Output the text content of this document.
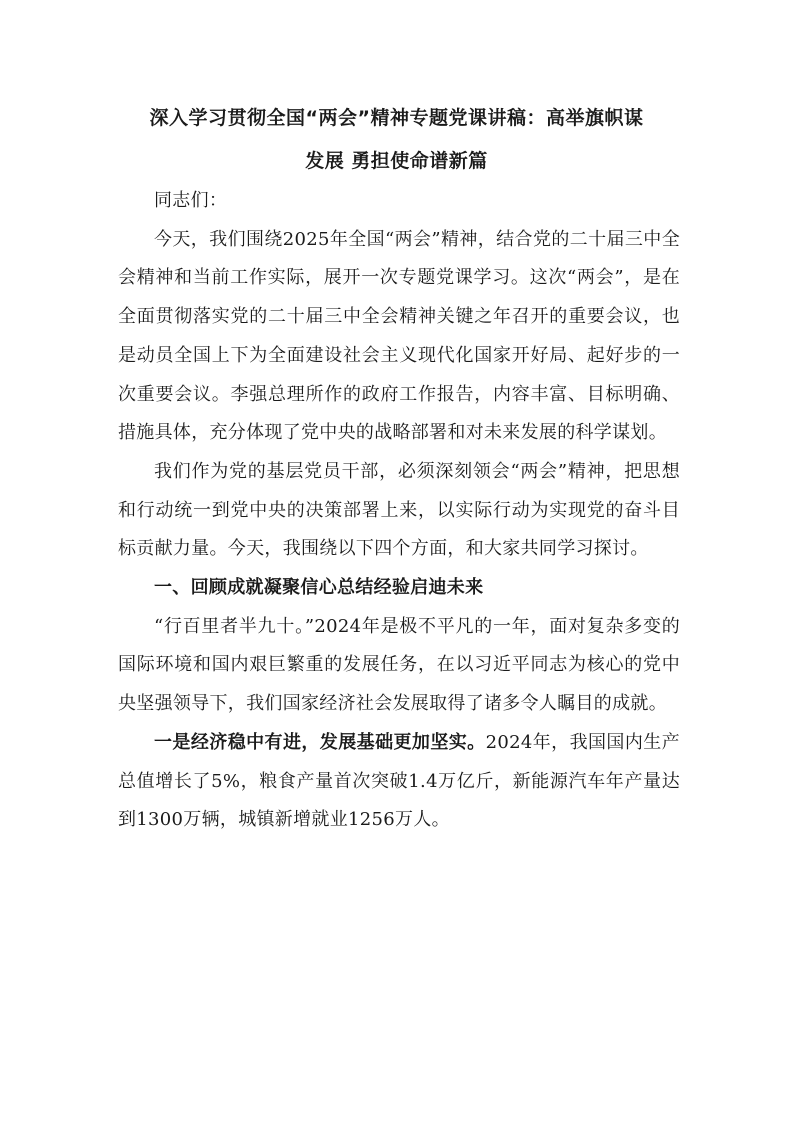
深入学习贯彻全国“两会”精神专题党课讲稿：高举旗帜谋
发展 勇担使命谱新篇

同志们：

今天，我们围绕2025年全国“两会”精神，结合党的二十届三中全会精神和当前工作实际，展开一次专题党课学习。这次“两会”，是在全面贯彻落实党的二十届三中全会精神关键之年召开的重要会议，也是动员全国上下为全面建设社会主义现代化国家开好局、起好步的一次重要会议。李强总理所作的政府工作报告，内容丰富、目标明确、措施具体，充分体现了党中央的战略部署和对未来发展的科学谋划。

我们作为党的基层党员干部，必须深刻领会“两会”精神，把思想和行动统一到党中央的决策部署上来，以实际行动为实现党的奋斗目标贡献力量。今天，我围绕以下四个方面，和大家共同学习探讨。

一、回顾成就凝聚信心总结经验启迪未来

“行百里者半九十。”2024年是极不平凡的一年，面对复杂多变的国际环境和国内艰巨繁重的发展任务，在以习近平同志为核心的党中央坚强领导下，我们国家经济社会发展取得了诸多令人瞩目的成就。

一是经济稳中有进，发展基础更加坚实。2024年，我国国内生产总值增长了5%，粮食产量首次突破1.4万亿斤，新能源汽车年产量达到1300万辆，城镇新增就业1256万人。
